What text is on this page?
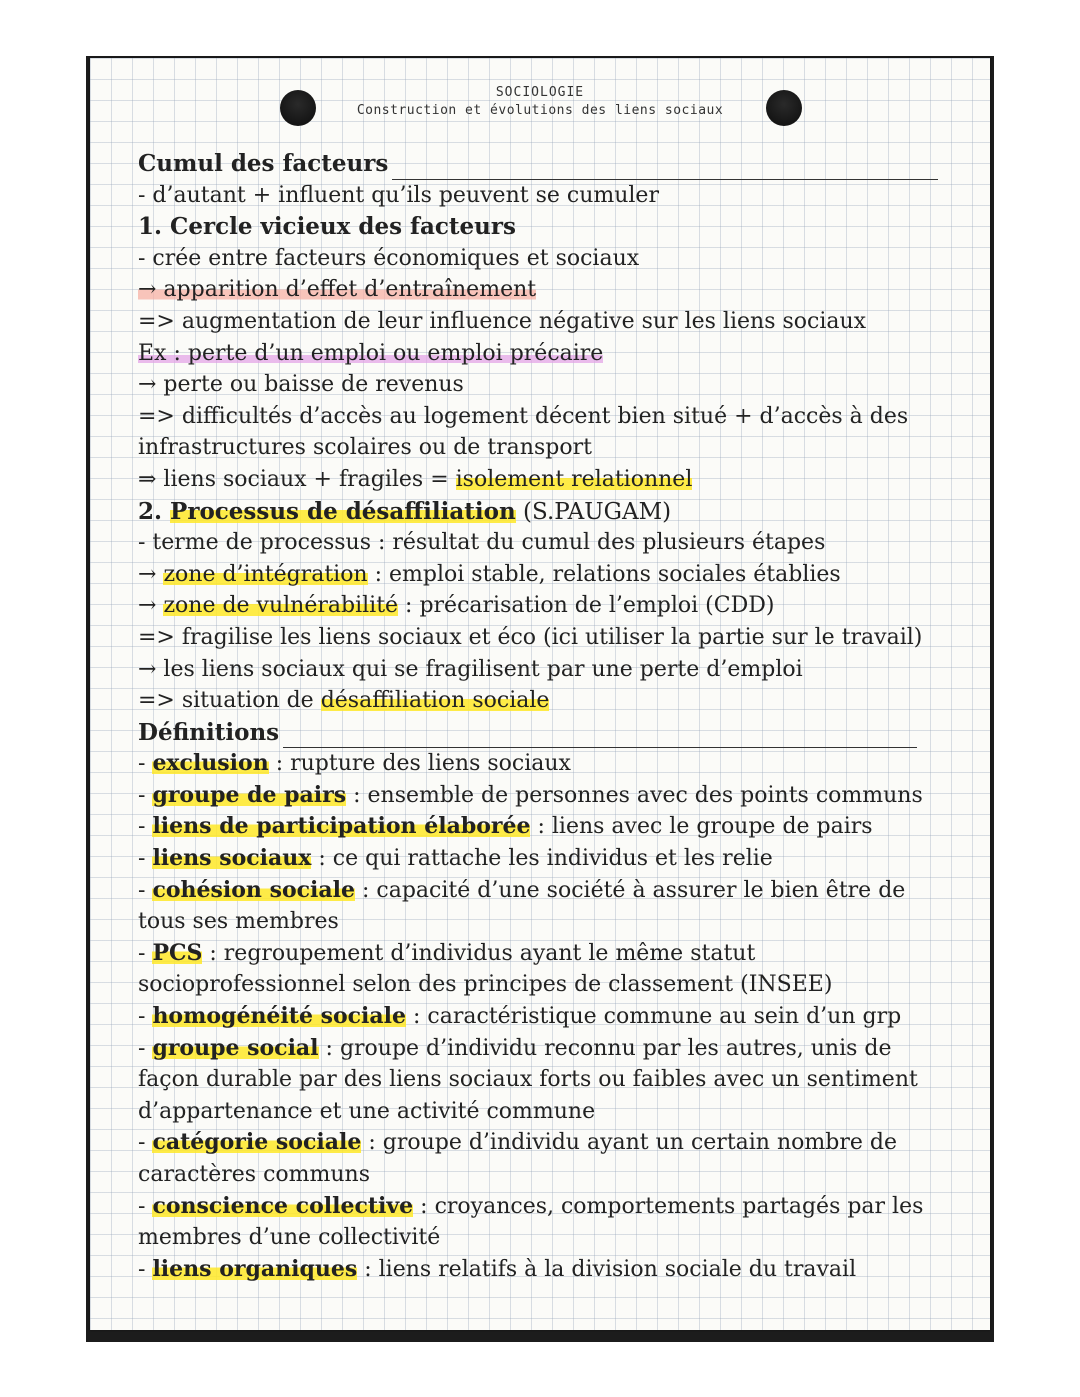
SOCIOLOGIE
Construction et évolutions des liens sociaux
Cumul des facteurs
- d’autant + influent qu’ils peuvent se cumuler
1. Cercle vicieux des facteurs
- crée entre facteurs économiques et sociaux
→ apparition d’effet d’entraînement
=> augmentation de leur influence négative sur les liens sociaux
Ex : perte d’un emploi ou emploi précaire
→ perte ou baisse de revenus
=> difficultés d’accès au logement décent bien situé + d’accès à des
infrastructures scolaires ou de transport
⇒ liens sociaux + fragiles = isolement relationnel
2. Processus de désaffiliation (S.PAUGAM)
- terme de processus : résultat du cumul des plusieurs étapes
→ zone d’intégration : emploi stable, relations sociales établies
→ zone de vulnérabilité : précarisation de l’emploi (CDD)
=> fragilise les liens sociaux et éco (ici utiliser la partie sur le travail)
→ les liens sociaux qui se fragilisent par une perte d’emploi
=> situation de désaffiliation sociale
Définitions
- exclusion : rupture des liens sociaux
- groupe de pairs : ensemble de personnes avec des points communs
- liens de participation élaborée : liens avec le groupe de pairs
- liens sociaux : ce qui rattache les individus et les relie
- cohésion sociale : capacité d’une société à assurer le bien être de
tous ses membres
- PCS : regroupement d’individus ayant le même statut
socioprofessionnel selon des principes de classement (INSEE)
- homogénéité sociale : caractéristique commune au sein d’un grp
- groupe social : groupe d’individu reconnu par les autres, unis de
façon durable par des liens sociaux forts ou faibles avec un sentiment
d’appartenance et une activité commune
- catégorie sociale : groupe d’individu ayant un certain nombre de
caractères communs
- conscience collective : croyances, comportements partagés par les
membres d’une collectivité
- liens organiques : liens relatifs à la division sociale du travail
